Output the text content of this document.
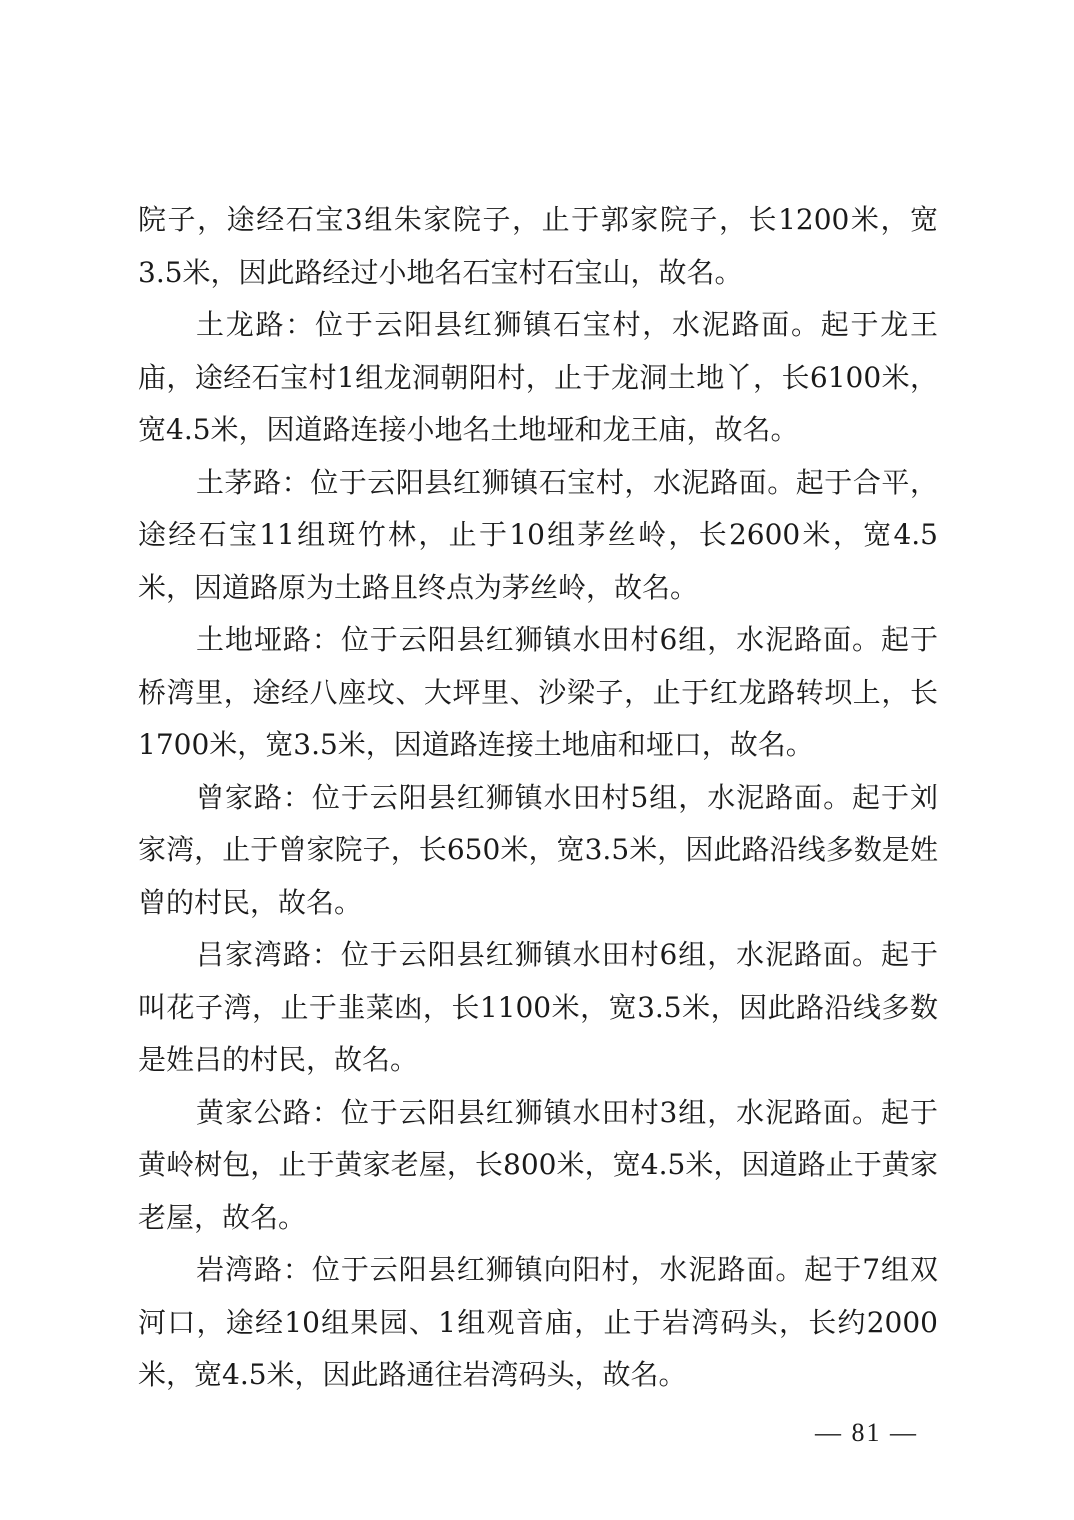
院子，途经石宝3组朱家院子，止于郭家院子，长1200米，宽3.5米，因此路经过小地名石宝村石宝山，故名。

土龙路：位于云阳县红狮镇石宝村，水泥路面。起于龙王庙，途经石宝村1组龙洞朝阳村，止于龙洞土地丫，长6100米，宽4.5米，因道路连接小地名土地垭和龙王庙，故名。

土茅路：位于云阳县红狮镇石宝村，水泥路面。起于合平，途经石宝11组斑竹林，止于10组茅丝岭，长2600米，宽4.5米，因道路原为土路且终点为茅丝岭，故名。

土地垭路：位于云阳县红狮镇水田村6组，水泥路面。起于桥湾里，途经八座坟、大坪里、沙梁子，止于红龙路转坝上，长1700米，宽3.5米，因道路连接土地庙和垭口，故名。

曾家路：位于云阳县红狮镇水田村5组，水泥路面。起于刘家湾，止于曾家院子，长650米，宽3.5米，因此路沿线多数是姓曾的村民，故名。

吕家湾路：位于云阳县红狮镇水田村6组，水泥路面。起于叫花子湾，止于韭菜凼，长1100米，宽3.5米，因此路沿线多数是姓吕的村民，故名。

黄家公路：位于云阳县红狮镇水田村3组，水泥路面。起于黄岭树包，止于黄家老屋，长800米，宽4.5米，因道路止于黄家老屋，故名。

岩湾路：位于云阳县红狮镇向阳村，水泥路面。起于7组双河口，途经10组果园、1组观音庙，止于岩湾码头，长约2000米，宽4.5米，因此路通往岩湾码头，故名。

— 81 —
